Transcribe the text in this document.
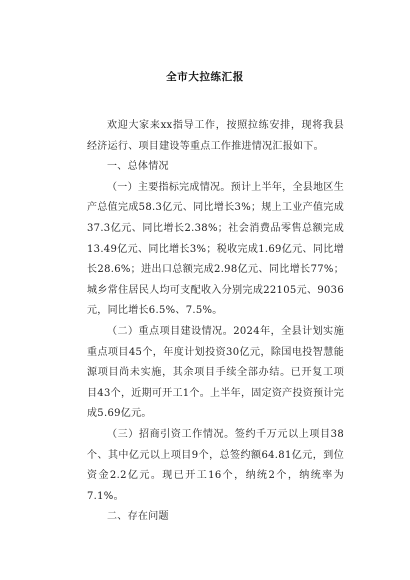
全市大拉练汇报

欢迎大家来xx指导工作，按照拉练安排，现将我县经济运行、项目建设等重点工作推进情况汇报如下。

一、总体情况

（一）主要指标完成情况。预计上半年，全县地区生产总值完成58.3亿元、同比增长3%；规上工业产值完成37.3亿元、同比增长2.38%；社会消费品零售总额完成13.49亿元、同比增长3%；税收完成1.69亿元、同比增长28.6%；进出口总额完成2.98亿元、同比增长77%；城乡常住居民人均可支配收入分别完成22105元、9036元，同比增长6.5%、7.5%。

（二）重点项目建设情况。2024年，全县计划实施重点项目45个，年度计划投资30亿元，除国电投智慧能源项目尚未实施，其余项目手续全部办结。已开复工项目43个，近期可开工1个。上半年，固定资产投资预计完成5.69亿元。

（三）招商引资工作情况。签约千万元以上项目38个、其中亿元以上项目9个，总签约额64.81亿元，到位资金2.2亿元。现已开工16个，纳统2个，纳统率为7.1%。

二、存在问题
